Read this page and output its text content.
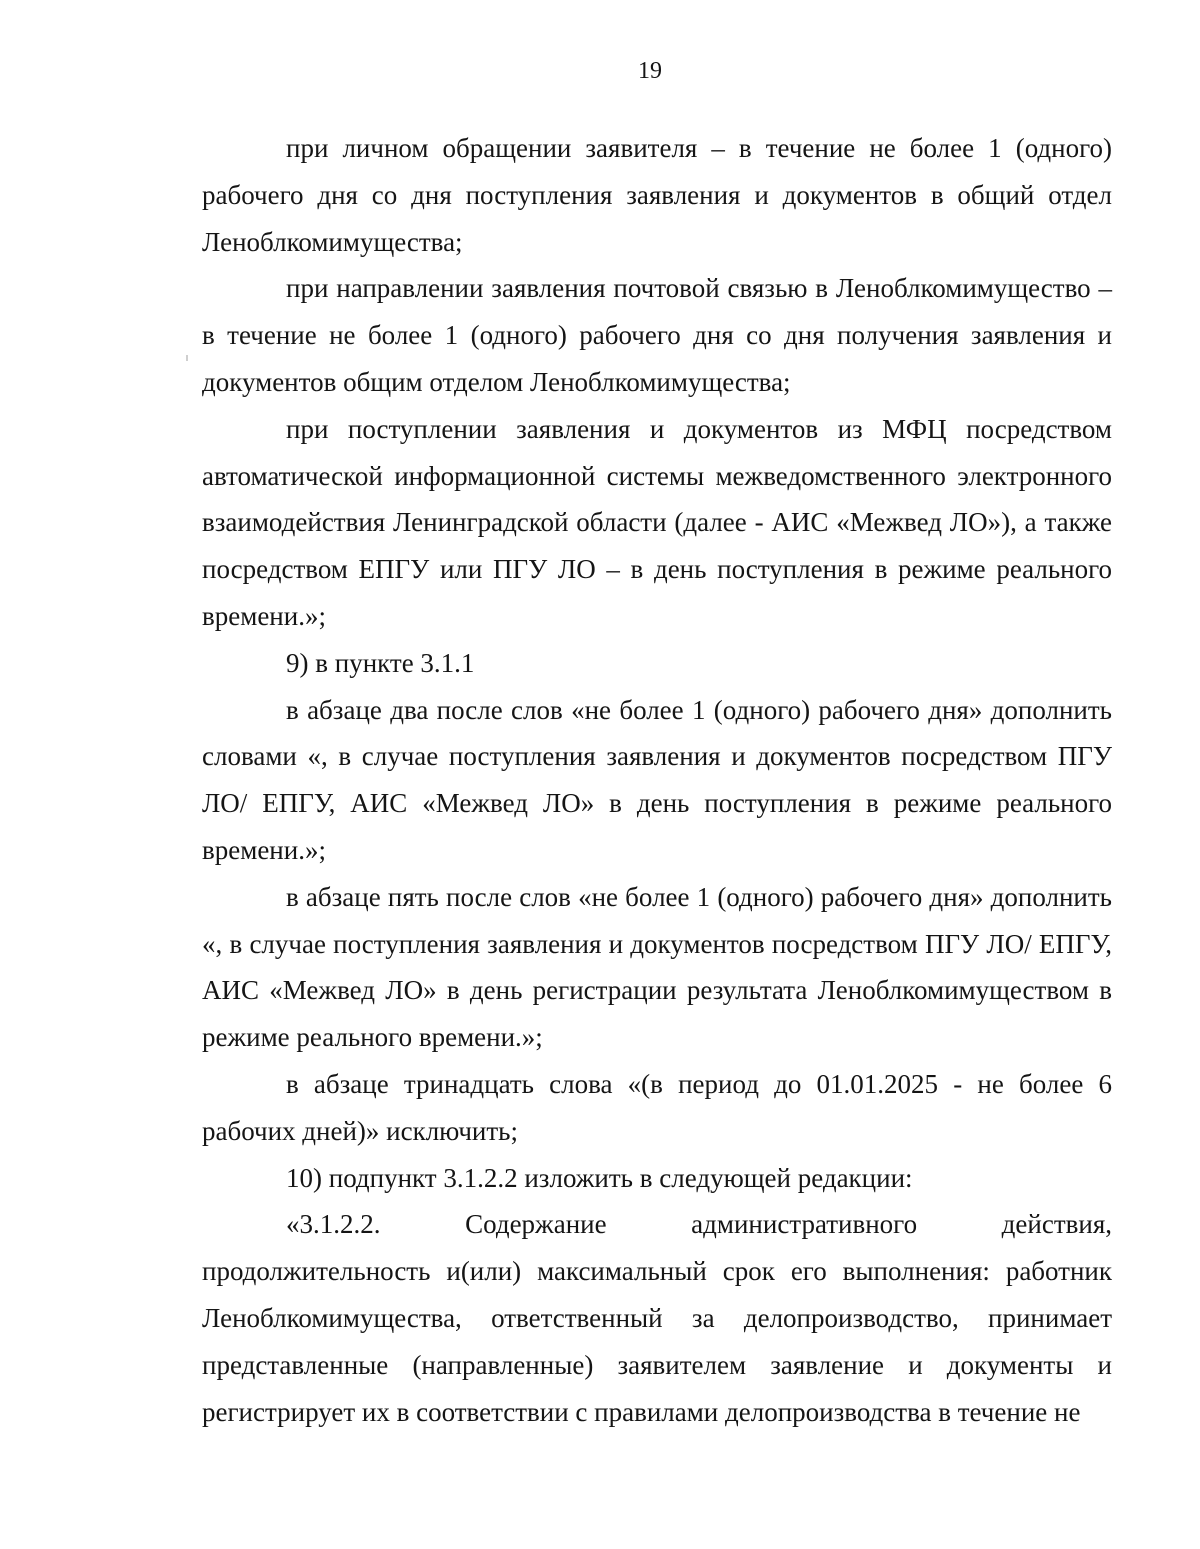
19

при личном обращении заявителя – в течение не более 1 (одного) рабочего дня со дня поступления заявления и документов в общий отдел Леноблкомимущества;

при направлении заявления почтовой связью в Леноблкомимущество – в течение не более 1 (одного) рабочего дня со дня получения заявления и документов общим отделом Леноблкомимущества;

при поступлении заявления и документов из МФЦ посредством автоматической информационной системы межведомственного электронного взаимодействия Ленинградской области (далее - АИС «Межвед ЛО»), а также посредством ЕПГУ или ПГУ ЛО – в день поступления в режиме реального времени.»;

9) в пункте 3.1.1

в абзаце два после слов «не более 1 (одного) рабочего дня» дополнить словами «, в случае поступления заявления и документов посредством ПГУ ЛО/ ЕПГУ, АИС «Межвед ЛО» в день поступления в режиме реального времени.»;

в абзаце пять после слов «не более 1 (одного) рабочего дня» дополнить «, в случае поступления заявления и документов посредством ПГУ ЛО/ ЕПГУ, АИС «Межвед ЛО» в день регистрации результата Леноблкомимуществом в режиме реального времени.»;

в абзаце тринадцать слова «(в период до 01.01.2025 - не более 6 рабочих дней)» исключить;

10) подпункт 3.1.2.2 изложить в следующей редакции:

«3.1.2.2. Содержание административного действия, продолжительность и(или) максимальный срок его выполнения: работник Леноблкомимущества, ответственный за делопроизводство, принимает представленные (направленные) заявителем заявление и документы и регистрирует их в соответствии с правилами делопроизводства в течение не
